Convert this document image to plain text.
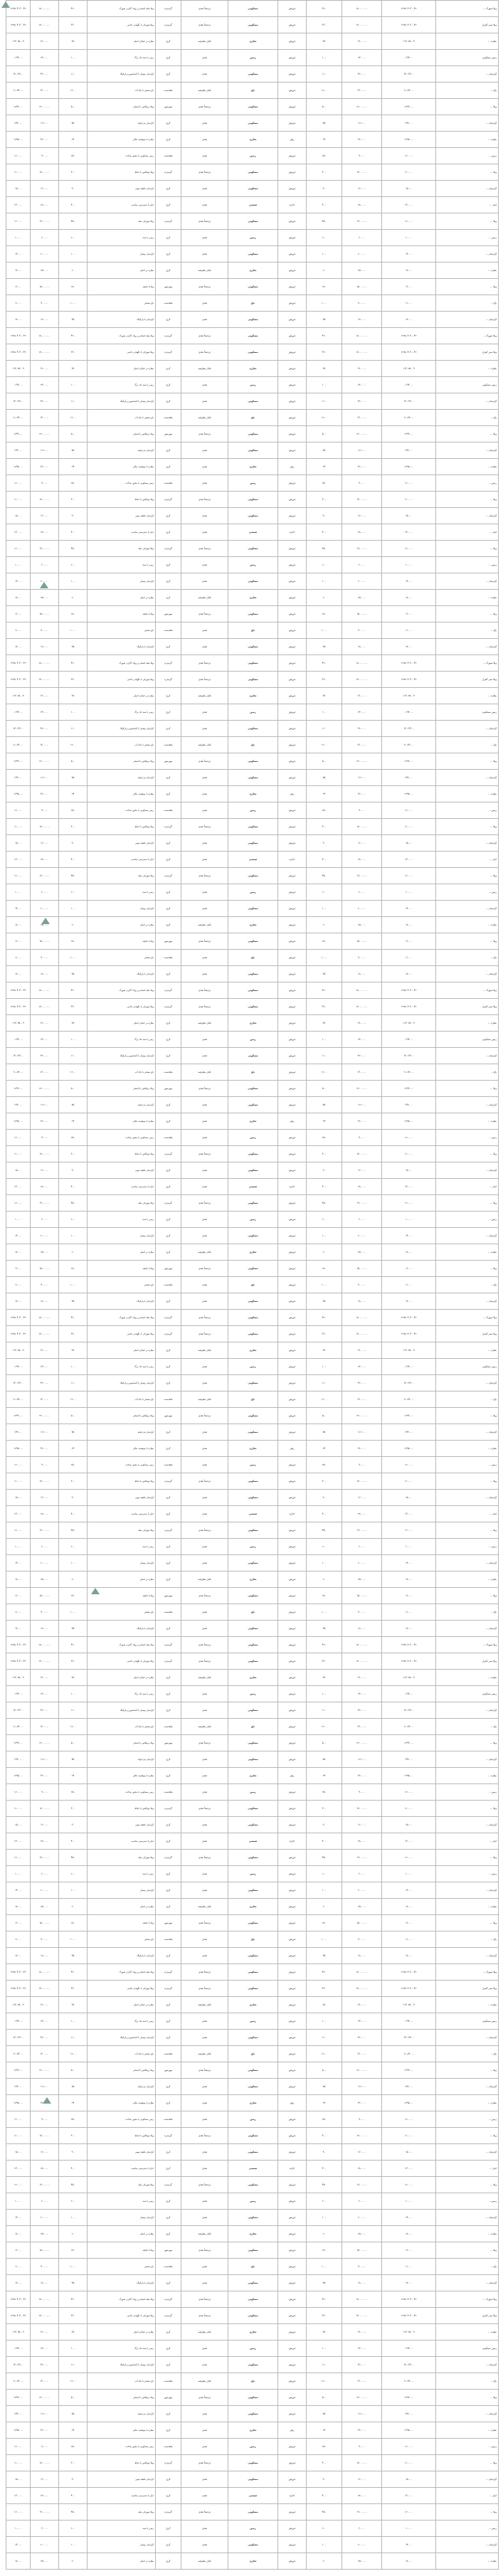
ویلا شهرک ...	۱۲۷۸۰۴۰۳۰۰۴۲	۱۸۰۰۰۰۰۰۰	۴۲۰	فروش	مسکونی	ترجیحاً نقدی	گرمدره	ویلا مبله استخر و روف گاردن شهرک	۴۲۰	۱۸۰۰۰۰۰۰۰	۱۲۷۸۰۴۰۳۰۰۴۲
ویلا سبز کنترل	۱۲۷۸۰۴۰۳۰۰۴۲	۱۷۰۰۰۰۰۰۰	۳۶۰	فروش	مسکونی	ترجیحاً نقدی	گرمدره	ویلا شهرکی با نگهبانی دائمی	۳۶۰	۱۷۰۰۰۰۰۰۰	۱۲۷۸۰۴۰۳۰۰۴۲
مغازه ...	۱۱۳۰۲۵۰۰۹	۱۹۰۰۰۰۰	۳۸	فروش	تجاری	قابل معاوضه	کرج	مغازه بر خیابان اصلی	۳۸	۱۹۰۰۰۰۰	۱۱۳۰۲۵۰۰۹
زمین مسکونی	۰۱۹۴۰۰۰	۲۳۰۰۰۰	۱۰۰	فروش	زمین	نقدی	کرج	زمین با سند تک برگ	۱۰۰	۲۳۰۰۰۰	۰۱۹۴۰۰۰
آپارتمان ...	۱۳۰۱۳۶۰۰	۴۲۰۰۰۰	۱۱۰	فروش	مسکونی	نقدی	کرج	آپارتمان نوساز با آسانسور و پارکینگ	۱۱۰	۴۲۰۰۰۰	۱۳۰۱۳۶۰۰
باغ ...	۱۱۰۸۴۰۰۰	۱۳۰۰۰۰۰	۱۲۰۰	فروش	باغ	قابل معاوضه	ماهدشت	باغ مشجر با چاه آب	۱۲۰۰	۱۳۰۰۰۰۰	۱۱۰۸۴۰۰۰
ویلا ...	۱۲۹۹۰۰۰	۲۲۰۰۰۰۰۰	۵۰۰	فروش	مسکونی	ترجیحاً نقدی	مهرشهر	ویلا تریبلکس با استخر	۵۰۰	۲۲۰۰۰۰۰۰	۱۲۹۹۰۰۰
آپارتمان ...	۱۳۷۰۰۰	۱۱۲۰۰۰	۷۵	فروش	مسکونی	نقدی	کرج	آپارتمان دو خوابه	۷۵	۱۱۲۰۰۰	۱۳۷۰۰۰
مغازه ...	۱۲۹۵۰۰۰	۳۲۰۰۰۰	۲۴	رهن	تجاری	نقدی	کرج	مغازه با موقعیت عالی	۲۴	۳۲۰۰۰۰	۱۲۹۵۰۰۰
زمین ...	۱۲۰۰۰۰	۹۰۰۰۰	۲۵۰	فروش	زمین	نقدی	ماهدشت	زمین مسکونی با مجوز ساخت	۲۵۰	۹۰۰۰۰	۱۲۰۰۰۰
ویلا ...	۱۱۰۰۰۰	۱۷۰۰۰۰۰۰	۳۰۰	فروش	مسکونی	ترجیحاً نقدی	گرمدره	ویلا دوبلکس با حیاط	۳۰۰	۱۷۰۰۰۰۰۰	۱۱۰۰۰۰
آپارتمان ...	۱۵۰۰۰	۱۶۰۰۰۰	۹۰	فروش	مسکونی	نقدی	کرج	آپارتمان طبقه سوم	۹۰	۱۶۰۰۰۰	۱۵۰۰۰
انبار ...	۱۳۰۰۰۰	۲۸۰۰۰۰	۴۰۰	اجاره	صنعتی	نقدی	کرج	انبار با دسترسی مناسب	۴۰۰	۲۸۰۰۰۰	۱۳۰۰۰۰
ویلا ...	۱۲۰۰۰۰	۱۹۰۰۰۰۰۰	۴۵۰	فروش	مسکونی	ترجیحاً نقدی	گرمدره	ویلا شهرکی مبله	۴۵۰	۱۹۰۰۰۰۰۰	۱۲۰۰۰۰
زمین ...	۱۰۰۰۰	۶۰۰۰۰	۲۰۰	فروش	زمین	نقدی	کرج	زمین با سند	۲۰۰	۶۰۰۰۰	۱۰۰۰۰
آپارتمان ...	۱۴۰۰۰	۲۰۰۰۰۰	۱۰۰	فروش	مسکونی	نقدی	کرج	آپارتمان نوساز	۱۰۰	۲۰۰۰۰۰	۱۴۰۰۰
مغازه ...	۱۸۰۰۰	۲۵۰۰۰۰	۲۰	فروش	تجاری	قابل معاوضه	کرج	مغازه بر اصلی	۲۰	۲۵۰۰۰۰	۱۸۰۰۰
ویلا ...	۱۶۰۰۰	۱۵۰۰۰۰۰۰	۲۸۰	فروش	مسکونی	ترجیحاً نقدی	مهرشهر	ویلا با باغچه	۲۸۰	۱۵۰۰۰۰۰۰	۱۶۰۰۰
باغ ...	۱۱۰۰۰	۹۰۰۰۰۰	۱۰۰۰	فروش	باغ	نقدی	ماهدشت	باغ مشجر	۱۰۰۰	۹۰۰۰۰۰	۱۱۰۰۰
آپارتمان ...	۱۷۰۰۰	۱۸۰۰۰۰	۹۵	فروش	مسکونی	نقدی	کرج	آپارتمان با پارکینگ	۹۵	۱۸۰۰۰۰	۱۷۰۰۰
ویلا شهرک ...	۱۲۷۸۰۴۰۳۰۰۴۲	۱۸۰۰۰۰۰۰۰	۴۲۰	فروش	مسکونی	ترجیحاً نقدی	گرمدره	ویلا مبله استخر و روف گاردن شهرک	۴۲۰	۱۸۰۰۰۰۰۰۰	۱۲۷۸۰۴۰۳۰۰۴۲
ویلا سبز کنترل	۱۲۷۸۰۴۰۳۰۰۴۲	۱۷۰۰۰۰۰۰۰	۳۶۰	فروش	مسکونی	ترجیحاً نقدی	گرمدره	ویلا شهرکی با نگهبانی دائمی	۳۶۰	۱۷۰۰۰۰۰۰۰	۱۲۷۸۰۴۰۳۰۰۴۲
مغازه ...	۱۱۳۰۲۵۰۰۹	۱۹۰۰۰۰۰	۳۸	فروش	تجاری	قابل معاوضه	کرج	مغازه بر خیابان اصلی	۳۸	۱۹۰۰۰۰۰	۱۱۳۰۲۵۰۰۹
زمین مسکونی	۰۱۹۴۰۰۰	۲۳۰۰۰۰	۱۰۰	فروش	زمین	نقدی	کرج	زمین با سند تک برگ	۱۰۰	۲۳۰۰۰۰	۰۱۹۴۰۰۰
آپارتمان ...	۱۳۰۱۳۶۰۰	۴۲۰۰۰۰	۱۱۰	فروش	مسکونی	نقدی	کرج	آپارتمان نوساز با آسانسور و پارکینگ	۱۱۰	۴۲۰۰۰۰	۱۳۰۱۳۶۰۰
باغ ...	۱۱۰۸۴۰۰۰	۱۳۰۰۰۰۰	۱۲۰۰	فروش	باغ	قابل معاوضه	ماهدشت	باغ مشجر با چاه آب	۱۲۰۰	۱۳۰۰۰۰۰	۱۱۰۸۴۰۰۰
ویلا ...	۱۲۹۹۰۰۰	۲۲۰۰۰۰۰۰	۵۰۰	فروش	مسکونی	ترجیحاً نقدی	مهرشهر	ویلا تریبلکس با استخر	۵۰۰	۲۲۰۰۰۰۰۰	۱۲۹۹۰۰۰
آپارتمان ...	۱۳۷۰۰۰	۱۱۲۰۰۰	۷۵	فروش	مسکونی	نقدی	کرج	آپارتمان دو خوابه	۷۵	۱۱۲۰۰۰	۱۳۷۰۰۰
مغازه ...	۱۲۹۵۰۰۰	۳۲۰۰۰۰	۲۴	رهن	تجاری	نقدی	کرج	مغازه با موقعیت عالی	۲۴	۳۲۰۰۰۰	۱۲۹۵۰۰۰
زمین ...	۱۲۰۰۰۰	۹۰۰۰۰	۲۵۰	فروش	زمین	نقدی	ماهدشت	زمین مسکونی با مجوز ساخت	۲۵۰	۹۰۰۰۰	۱۲۰۰۰۰
ویلا ...	۱۱۰۰۰۰	۱۷۰۰۰۰۰۰	۳۰۰	فروش	مسکونی	ترجیحاً نقدی	گرمدره	ویلا دوبلکس با حیاط	۳۰۰	۱۷۰۰۰۰۰۰	۱۱۰۰۰۰
آپارتمان ...	۱۵۰۰۰	۱۶۰۰۰۰	۹۰	فروش	مسکونی	نقدی	کرج	آپارتمان طبقه سوم	۹۰	۱۶۰۰۰۰	۱۵۰۰۰
انبار ...	۱۳۰۰۰۰	۲۸۰۰۰۰	۴۰۰	اجاره	صنعتی	نقدی	کرج	انبار با دسترسی مناسب	۴۰۰	۲۸۰۰۰۰	۱۳۰۰۰۰
ویلا ...	۱۲۰۰۰۰	۱۹۰۰۰۰۰۰	۴۵۰	فروش	مسکونی	ترجیحاً نقدی	گرمدره	ویلا شهرکی مبله	۴۵۰	۱۹۰۰۰۰۰۰	۱۲۰۰۰۰
زمین ...	۱۰۰۰۰	۶۰۰۰۰	۲۰۰	فروش	زمین	نقدی	کرج	زمین با سند	۲۰۰	۶۰۰۰۰	۱۰۰۰۰
آپارتمان ...	۱۴۰۰۰	۲۰۰۰۰۰	۱۰۰	فروش	مسکونی	نقدی	کرج	آپارتمان نوساز	۱۰۰	۲۰۰۰۰۰	۱۴۰۰۰
مغازه ...	۱۸۰۰۰	۲۵۰۰۰۰	۲۰	فروش	تجاری	قابل معاوضه	کرج	مغازه بر اصلی	۲۰	۲۵۰۰۰۰	۱۸۰۰۰
ویلا ...	۱۶۰۰۰	۱۵۰۰۰۰۰۰	۲۸۰	فروش	مسکونی	ترجیحاً نقدی	مهرشهر	ویلا با باغچه	۲۸۰	۱۵۰۰۰۰۰۰	۱۶۰۰۰
باغ ...	۱۱۰۰۰	۹۰۰۰۰۰	۱۰۰۰	فروش	باغ	نقدی	ماهدشت	باغ مشجر	۱۰۰۰	۹۰۰۰۰۰	۱۱۰۰۰
آپارتمان ...	۱۷۰۰۰	۱۸۰۰۰۰	۹۵	فروش	مسکونی	نقدی	کرج	آپارتمان با پارکینگ	۹۵	۱۸۰۰۰۰	۱۷۰۰۰
ویلا شهرک ...	۱۲۷۸۰۴۰۳۰۰۴۲	۱۸۰۰۰۰۰۰۰	۴۲۰	فروش	مسکونی	ترجیحاً نقدی	گرمدره	ویلا مبله استخر و روف گاردن شهرک	۴۲۰	۱۸۰۰۰۰۰۰۰	۱۲۷۸۰۴۰۳۰۰۴۲
ویلا سبز کنترل	۱۲۷۸۰۴۰۳۰۰۴۲	۱۷۰۰۰۰۰۰۰	۳۶۰	فروش	مسکونی	ترجیحاً نقدی	گرمدره	ویلا شهرکی با نگهبانی دائمی	۳۶۰	۱۷۰۰۰۰۰۰۰	۱۲۷۸۰۴۰۳۰۰۴۲
مغازه ...	۱۱۳۰۲۵۰۰۹	۱۹۰۰۰۰۰	۳۸	فروش	تجاری	قابل معاوضه	کرج	مغازه بر خیابان اصلی	۳۸	۱۹۰۰۰۰۰	۱۱۳۰۲۵۰۰۹
زمین مسکونی	۰۱۹۴۰۰۰	۲۳۰۰۰۰	۱۰۰	فروش	زمین	نقدی	کرج	زمین با سند تک برگ	۱۰۰	۲۳۰۰۰۰	۰۱۹۴۰۰۰
آپارتمان ...	۱۳۰۱۳۶۰۰	۴۲۰۰۰۰	۱۱۰	فروش	مسکونی	نقدی	کرج	آپارتمان نوساز با آسانسور و پارکینگ	۱۱۰	۴۲۰۰۰۰	۱۳۰۱۳۶۰۰
باغ ...	۱۱۰۸۴۰۰۰	۱۳۰۰۰۰۰	۱۲۰۰	فروش	باغ	قابل معاوضه	ماهدشت	باغ مشجر با چاه آب	۱۲۰۰	۱۳۰۰۰۰۰	۱۱۰۸۴۰۰۰
ویلا ...	۱۲۹۹۰۰۰	۲۲۰۰۰۰۰۰	۵۰۰	فروش	مسکونی	ترجیحاً نقدی	مهرشهر	ویلا تریبلکس با استخر	۵۰۰	۲۲۰۰۰۰۰۰	۱۲۹۹۰۰۰
آپارتمان ...	۱۳۷۰۰۰	۱۱۲۰۰۰	۷۵	فروش	مسکونی	نقدی	کرج	آپارتمان دو خوابه	۷۵	۱۱۲۰۰۰	۱۳۷۰۰۰
مغازه ...	۱۲۹۵۰۰۰	۳۲۰۰۰۰	۲۴	رهن	تجاری	نقدی	کرج	مغازه با موقعیت عالی	۲۴	۳۲۰۰۰۰	۱۲۹۵۰۰۰
زمین ...	۱۲۰۰۰۰	۹۰۰۰۰	۲۵۰	فروش	زمین	نقدی	ماهدشت	زمین مسکونی با مجوز ساخت	۲۵۰	۹۰۰۰۰	۱۲۰۰۰۰
ویلا ...	۱۱۰۰۰۰	۱۷۰۰۰۰۰۰	۳۰۰	فروش	مسکونی	ترجیحاً نقدی	گرمدره	ویلا دوبلکس با حیاط	۳۰۰	۱۷۰۰۰۰۰۰	۱۱۰۰۰۰
آپارتمان ...	۱۵۰۰۰	۱۶۰۰۰۰	۹۰	فروش	مسکونی	نقدی	کرج	آپارتمان طبقه سوم	۹۰	۱۶۰۰۰۰	۱۵۰۰۰
انبار ...	۱۳۰۰۰۰	۲۸۰۰۰۰	۴۰۰	اجاره	صنعتی	نقدی	کرج	انبار با دسترسی مناسب	۴۰۰	۲۸۰۰۰۰	۱۳۰۰۰۰
ویلا ...	۱۲۰۰۰۰	۱۹۰۰۰۰۰۰	۴۵۰	فروش	مسکونی	ترجیحاً نقدی	گرمدره	ویلا شهرکی مبله	۴۵۰	۱۹۰۰۰۰۰۰	۱۲۰۰۰۰
زمین ...	۱۰۰۰۰	۶۰۰۰۰	۲۰۰	فروش	زمین	نقدی	کرج	زمین با سند	۲۰۰	۶۰۰۰۰	۱۰۰۰۰
آپارتمان ...	۱۴۰۰۰	۲۰۰۰۰۰	۱۰۰	فروش	مسکونی	نقدی	کرج	آپارتمان نوساز	۱۰۰	۲۰۰۰۰۰	۱۴۰۰۰
مغازه ...	۱۸۰۰۰	۲۵۰۰۰۰	۲۰	فروش	تجاری	قابل معاوضه	کرج	مغازه بر اصلی	۲۰	۲۵۰۰۰۰	۱۸۰۰۰
ویلا ...	۱۶۰۰۰	۱۵۰۰۰۰۰۰	۲۸۰	فروش	مسکونی	ترجیحاً نقدی	مهرشهر	ویلا با باغچه	۲۸۰	۱۵۰۰۰۰۰۰	۱۶۰۰۰
باغ ...	۱۱۰۰۰	۹۰۰۰۰۰	۱۰۰۰	فروش	باغ	نقدی	ماهدشت	باغ مشجر	۱۰۰۰	۹۰۰۰۰۰	۱۱۰۰۰
آپارتمان ...	۱۷۰۰۰	۱۸۰۰۰۰	۹۵	فروش	مسکونی	نقدی	کرج	آپارتمان با پارکینگ	۹۵	۱۸۰۰۰۰	۱۷۰۰۰
ویلا شهرک ...	۱۲۷۸۰۴۰۳۰۰۴۲	۱۸۰۰۰۰۰۰۰	۴۲۰	فروش	مسکونی	ترجیحاً نقدی	گرمدره	ویلا مبله استخر و روف گاردن شهرک	۴۲۰	۱۸۰۰۰۰۰۰۰	۱۲۷۸۰۴۰۳۰۰۴۲
ویلا سبز کنترل	۱۲۷۸۰۴۰۳۰۰۴۲	۱۷۰۰۰۰۰۰۰	۳۶۰	فروش	مسکونی	ترجیحاً نقدی	گرمدره	ویلا شهرکی با نگهبانی دائمی	۳۶۰	۱۷۰۰۰۰۰۰۰	۱۲۷۸۰۴۰۳۰۰۴۲
مغازه ...	۱۱۳۰۲۵۰۰۹	۱۹۰۰۰۰۰	۳۸	فروش	تجاری	قابل معاوضه	کرج	مغازه بر خیابان اصلی	۳۸	۱۹۰۰۰۰۰	۱۱۳۰۲۵۰۰۹
زمین مسکونی	۰۱۹۴۰۰۰	۲۳۰۰۰۰	۱۰۰	فروش	زمین	نقدی	کرج	زمین با سند تک برگ	۱۰۰	۲۳۰۰۰۰	۰۱۹۴۰۰۰
آپارتمان ...	۱۳۰۱۳۶۰۰	۴۲۰۰۰۰	۱۱۰	فروش	مسکونی	نقدی	کرج	آپارتمان نوساز با آسانسور و پارکینگ	۱۱۰	۴۲۰۰۰۰	۱۳۰۱۳۶۰۰
باغ ...	۱۱۰۸۴۰۰۰	۱۳۰۰۰۰۰	۱۲۰۰	فروش	باغ	قابل معاوضه	ماهدشت	باغ مشجر با چاه آب	۱۲۰۰	۱۳۰۰۰۰۰	۱۱۰۸۴۰۰۰
ویلا ...	۱۲۹۹۰۰۰	۲۲۰۰۰۰۰۰	۵۰۰	فروش	مسکونی	ترجیحاً نقدی	مهرشهر	ویلا تریبلکس با استخر	۵۰۰	۲۲۰۰۰۰۰۰	۱۲۹۹۰۰۰
آپارتمان ...	۱۳۷۰۰۰	۱۱۲۰۰۰	۷۵	فروش	مسکونی	نقدی	کرج	آپارتمان دو خوابه	۷۵	۱۱۲۰۰۰	۱۳۷۰۰۰
مغازه ...	۱۲۹۵۰۰۰	۳۲۰۰۰۰	۲۴	رهن	تجاری	نقدی	کرج	مغازه با موقعیت عالی	۲۴	۳۲۰۰۰۰	۱۲۹۵۰۰۰
زمین ...	۱۲۰۰۰۰	۹۰۰۰۰	۲۵۰	فروش	زمین	نقدی	ماهدشت	زمین مسکونی با مجوز ساخت	۲۵۰	۹۰۰۰۰	۱۲۰۰۰۰
ویلا ...	۱۱۰۰۰۰	۱۷۰۰۰۰۰۰	۳۰۰	فروش	مسکونی	ترجیحاً نقدی	گرمدره	ویلا دوبلکس با حیاط	۳۰۰	۱۷۰۰۰۰۰۰	۱۱۰۰۰۰
آپارتمان ...	۱۵۰۰۰	۱۶۰۰۰۰	۹۰	فروش	مسکونی	نقدی	کرج	آپارتمان طبقه سوم	۹۰	۱۶۰۰۰۰	۱۵۰۰۰
انبار ...	۱۳۰۰۰۰	۲۸۰۰۰۰	۴۰۰	اجاره	صنعتی	نقدی	کرج	انبار با دسترسی مناسب	۴۰۰	۲۸۰۰۰۰	۱۳۰۰۰۰
ویلا ...	۱۲۰۰۰۰	۱۹۰۰۰۰۰۰	۴۵۰	فروش	مسکونی	ترجیحاً نقدی	گرمدره	ویلا شهرکی مبله	۴۵۰	۱۹۰۰۰۰۰۰	۱۲۰۰۰۰
زمین ...	۱۰۰۰۰	۶۰۰۰۰	۲۰۰	فروش	زمین	نقدی	کرج	زمین با سند	۲۰۰	۶۰۰۰۰	۱۰۰۰۰
آپارتمان ...	۱۴۰۰۰	۲۰۰۰۰۰	۱۰۰	فروش	مسکونی	نقدی	کرج	آپارتمان نوساز	۱۰۰	۲۰۰۰۰۰	۱۴۰۰۰
مغازه ...	۱۸۰۰۰	۲۵۰۰۰۰	۲۰	فروش	تجاری	قابل معاوضه	کرج	مغازه بر اصلی	۲۰	۲۵۰۰۰۰	۱۸۰۰۰
ویلا ...	۱۶۰۰۰	۱۵۰۰۰۰۰۰	۲۸۰	فروش	مسکونی	ترجیحاً نقدی	مهرشهر	ویلا با باغچه	۲۸۰	۱۵۰۰۰۰۰۰	۱۶۰۰۰
باغ ...	۱۱۰۰۰	۹۰۰۰۰۰	۱۰۰۰	فروش	باغ	نقدی	ماهدشت	باغ مشجر	۱۰۰۰	۹۰۰۰۰۰	۱۱۰۰۰
آپارتمان ...	۱۷۰۰۰	۱۸۰۰۰۰	۹۵	فروش	مسکونی	نقدی	کرج	آپارتمان با پارکینگ	۹۵	۱۸۰۰۰۰	۱۷۰۰۰
ویلا شهرک ...	۱۲۷۸۰۴۰۳۰۰۴۲	۱۸۰۰۰۰۰۰۰	۴۲۰	فروش	مسکونی	ترجیحاً نقدی	گرمدره	ویلا مبله استخر و روف گاردن شهرک	۴۲۰	۱۸۰۰۰۰۰۰۰	۱۲۷۸۰۴۰۳۰۰۴۲
ویلا سبز کنترل	۱۲۷۸۰۴۰۳۰۰۴۲	۱۷۰۰۰۰۰۰۰	۳۶۰	فروش	مسکونی	ترجیحاً نقدی	گرمدره	ویلا شهرکی با نگهبانی دائمی	۳۶۰	۱۷۰۰۰۰۰۰۰	۱۲۷۸۰۴۰۳۰۰۴۲
مغازه ...	۱۱۳۰۲۵۰۰۹	۱۹۰۰۰۰۰	۳۸	فروش	تجاری	قابل معاوضه	کرج	مغازه بر خیابان اصلی	۳۸	۱۹۰۰۰۰۰	۱۱۳۰۲۵۰۰۹
زمین مسکونی	۰۱۹۴۰۰۰	۲۳۰۰۰۰	۱۰۰	فروش	زمین	نقدی	کرج	زمین با سند تک برگ	۱۰۰	۲۳۰۰۰۰	۰۱۹۴۰۰۰
آپارتمان ...	۱۳۰۱۳۶۰۰	۴۲۰۰۰۰	۱۱۰	فروش	مسکونی	نقدی	کرج	آپارتمان نوساز با آسانسور و پارکینگ	۱۱۰	۴۲۰۰۰۰	۱۳۰۱۳۶۰۰
باغ ...	۱۱۰۸۴۰۰۰	۱۳۰۰۰۰۰	۱۲۰۰	فروش	باغ	قابل معاوضه	ماهدشت	باغ مشجر با چاه آب	۱۲۰۰	۱۳۰۰۰۰۰	۱۱۰۸۴۰۰۰
ویلا ...	۱۲۹۹۰۰۰	۲۲۰۰۰۰۰۰	۵۰۰	فروش	مسکونی	ترجیحاً نقدی	مهرشهر	ویلا تریبلکس با استخر	۵۰۰	۲۲۰۰۰۰۰۰	۱۲۹۹۰۰۰
آپارتمان ...	۱۳۷۰۰۰	۱۱۲۰۰۰	۷۵	فروش	مسکونی	نقدی	کرج	آپارتمان دو خوابه	۷۵	۱۱۲۰۰۰	۱۳۷۰۰۰
مغازه ...	۱۲۹۵۰۰۰	۳۲۰۰۰۰	۲۴	رهن	تجاری	نقدی	کرج	مغازه با موقعیت عالی	۲۴	۳۲۰۰۰۰	۱۲۹۵۰۰۰
زمین ...	۱۲۰۰۰۰	۹۰۰۰۰	۲۵۰	فروش	زمین	نقدی	ماهدشت	زمین مسکونی با مجوز ساخت	۲۵۰	۹۰۰۰۰	۱۲۰۰۰۰
ویلا ...	۱۱۰۰۰۰	۱۷۰۰۰۰۰۰	۳۰۰	فروش	مسکونی	ترجیحاً نقدی	گرمدره	ویلا دوبلکس با حیاط	۳۰۰	۱۷۰۰۰۰۰۰	۱۱۰۰۰۰
آپارتمان ...	۱۵۰۰۰	۱۶۰۰۰۰	۹۰	فروش	مسکونی	نقدی	کرج	آپارتمان طبقه سوم	۹۰	۱۶۰۰۰۰	۱۵۰۰۰
انبار ...	۱۳۰۰۰۰	۲۸۰۰۰۰	۴۰۰	اجاره	صنعتی	نقدی	کرج	انبار با دسترسی مناسب	۴۰۰	۲۸۰۰۰۰	۱۳۰۰۰۰
ویلا ...	۱۲۰۰۰۰	۱۹۰۰۰۰۰۰	۴۵۰	فروش	مسکونی	ترجیحاً نقدی	گرمدره	ویلا شهرکی مبله	۴۵۰	۱۹۰۰۰۰۰۰	۱۲۰۰۰۰
زمین ...	۱۰۰۰۰	۶۰۰۰۰	۲۰۰	فروش	زمین	نقدی	کرج	زمین با سند	۲۰۰	۶۰۰۰۰	۱۰۰۰۰
آپارتمان ...	۱۴۰۰۰	۲۰۰۰۰۰	۱۰۰	فروش	مسکونی	نقدی	کرج	آپارتمان نوساز	۱۰۰	۲۰۰۰۰۰	۱۴۰۰۰
مغازه ...	۱۸۰۰۰	۲۵۰۰۰۰	۲۰	فروش	تجاری	قابل معاوضه	کرج	مغازه بر اصلی	۲۰	۲۵۰۰۰۰	۱۸۰۰۰
ویلا ...	۱۶۰۰۰	۱۵۰۰۰۰۰۰	۲۸۰	فروش	مسکونی	ترجیحاً نقدی	مهرشهر	ویلا با باغچه	۲۸۰	۱۵۰۰۰۰۰۰	۱۶۰۰۰
باغ ...	۱۱۰۰۰	۹۰۰۰۰۰	۱۰۰۰	فروش	باغ	نقدی	ماهدشت	باغ مشجر	۱۰۰۰	۹۰۰۰۰۰	۱۱۰۰۰
آپارتمان ...	۱۷۰۰۰	۱۸۰۰۰۰	۹۵	فروش	مسکونی	نقدی	کرج	آپارتمان با پارکینگ	۹۵	۱۸۰۰۰۰	۱۷۰۰۰
ویلا شهرک ...	۱۲۷۸۰۴۰۳۰۰۴۲	۱۸۰۰۰۰۰۰۰	۴۲۰	فروش	مسکونی	ترجیحاً نقدی	گرمدره	ویلا مبله استخر و روف گاردن شهرک	۴۲۰	۱۸۰۰۰۰۰۰۰	۱۲۷۸۰۴۰۳۰۰۴۲
ویلا سبز کنترل	۱۲۷۸۰۴۰۳۰۰۴۲	۱۷۰۰۰۰۰۰۰	۳۶۰	فروش	مسکونی	ترجیحاً نقدی	گرمدره	ویلا شهرکی با نگهبانی دائمی	۳۶۰	۱۷۰۰۰۰۰۰۰	۱۲۷۸۰۴۰۳۰۰۴۲
مغازه ...	۱۱۳۰۲۵۰۰۹	۱۹۰۰۰۰۰	۳۸	فروش	تجاری	قابل معاوضه	کرج	مغازه بر خیابان اصلی	۳۸	۱۹۰۰۰۰۰	۱۱۳۰۲۵۰۰۹
زمین مسکونی	۰۱۹۴۰۰۰	۲۳۰۰۰۰	۱۰۰	فروش	زمین	نقدی	کرج	زمین با سند تک برگ	۱۰۰	۲۳۰۰۰۰	۰۱۹۴۰۰۰
آپارتمان ...	۱۳۰۱۳۶۰۰	۴۲۰۰۰۰	۱۱۰	فروش	مسکونی	نقدی	کرج	آپارتمان نوساز با آسانسور و پارکینگ	۱۱۰	۴۲۰۰۰۰	۱۳۰۱۳۶۰۰
باغ ...	۱۱۰۸۴۰۰۰	۱۳۰۰۰۰۰	۱۲۰۰	فروش	باغ	قابل معاوضه	ماهدشت	باغ مشجر با چاه آب	۱۲۰۰	۱۳۰۰۰۰۰	۱۱۰۸۴۰۰۰
ویلا ...	۱۲۹۹۰۰۰	۲۲۰۰۰۰۰۰	۵۰۰	فروش	مسکونی	ترجیحاً نقدی	مهرشهر	ویلا تریبلکس با استخر	۵۰۰	۲۲۰۰۰۰۰۰	۱۲۹۹۰۰۰
آپارتمان ...	۱۳۷۰۰۰	۱۱۲۰۰۰	۷۵	فروش	مسکونی	نقدی	کرج	آپارتمان دو خوابه	۷۵	۱۱۲۰۰۰	۱۳۷۰۰۰
مغازه ...	۱۲۹۵۰۰۰	۳۲۰۰۰۰	۲۴	رهن	تجاری	نقدی	کرج	مغازه با موقعیت عالی	۲۴	۳۲۰۰۰۰	۱۲۹۵۰۰۰
زمین ...	۱۲۰۰۰۰	۹۰۰۰۰	۲۵۰	فروش	زمین	نقدی	ماهدشت	زمین مسکونی با مجوز ساخت	۲۵۰	۹۰۰۰۰	۱۲۰۰۰۰
ویلا ...	۱۱۰۰۰۰	۱۷۰۰۰۰۰۰	۳۰۰	فروش	مسکونی	ترجیحاً نقدی	گرمدره	ویلا دوبلکس با حیاط	۳۰۰	۱۷۰۰۰۰۰۰	۱۱۰۰۰۰
آپارتمان ...	۱۵۰۰۰	۱۶۰۰۰۰	۹۰	فروش	مسکونی	نقدی	کرج	آپارتمان طبقه سوم	۹۰	۱۶۰۰۰۰	۱۵۰۰۰
انبار ...	۱۳۰۰۰۰	۲۸۰۰۰۰	۴۰۰	اجاره	صنعتی	نقدی	کرج	انبار با دسترسی مناسب	۴۰۰	۲۸۰۰۰۰	۱۳۰۰۰۰
ویلا ...	۱۲۰۰۰۰	۱۹۰۰۰۰۰۰	۴۵۰	فروش	مسکونی	ترجیحاً نقدی	گرمدره	ویلا شهرکی مبله	۴۵۰	۱۹۰۰۰۰۰۰	۱۲۰۰۰۰
زمین ...	۱۰۰۰۰	۶۰۰۰۰	۲۰۰	فروش	زمین	نقدی	کرج	زمین با سند	۲۰۰	۶۰۰۰۰	۱۰۰۰۰
آپارتمان ...	۱۴۰۰۰	۲۰۰۰۰۰	۱۰۰	فروش	مسکونی	نقدی	کرج	آپارتمان نوساز	۱۰۰	۲۰۰۰۰۰	۱۴۰۰۰
مغازه ...	۱۸۰۰۰	۲۵۰۰۰۰	۲۰	فروش	تجاری	قابل معاوضه	کرج	مغازه بر اصلی	۲۰	۲۵۰۰۰۰	۱۸۰۰۰
ویلا ...	۱۶۰۰۰	۱۵۰۰۰۰۰۰	۲۸۰	فروش	مسکونی	ترجیحاً نقدی	مهرشهر	ویلا با باغچه	۲۸۰	۱۵۰۰۰۰۰۰	۱۶۰۰۰
باغ ...	۱۱۰۰۰	۹۰۰۰۰۰	۱۰۰۰	فروش	باغ	نقدی	ماهدشت	باغ مشجر	۱۰۰۰	۹۰۰۰۰۰	۱۱۰۰۰
آپارتمان ...	۱۷۰۰۰	۱۸۰۰۰۰	۹۵	فروش	مسکونی	نقدی	کرج	آپارتمان با پارکینگ	۹۵	۱۸۰۰۰۰	۱۷۰۰۰
ویلا شهرک ...	۱۲۷۸۰۴۰۳۰۰۴۲	۱۸۰۰۰۰۰۰۰	۴۲۰	فروش	مسکونی	ترجیحاً نقدی	گرمدره	ویلا مبله استخر و روف گاردن شهرک	۴۲۰	۱۸۰۰۰۰۰۰۰	۱۲۷۸۰۴۰۳۰۰۴۲
ویلا سبز کنترل	۱۲۷۸۰۴۰۳۰۰۴۲	۱۷۰۰۰۰۰۰۰	۳۶۰	فروش	مسکونی	ترجیحاً نقدی	گرمدره	ویلا شهرکی با نگهبانی دائمی	۳۶۰	۱۷۰۰۰۰۰۰۰	۱۲۷۸۰۴۰۳۰۰۴۲
مغازه ...	۱۱۳۰۲۵۰۰۹	۱۹۰۰۰۰۰	۳۸	فروش	تجاری	قابل معاوضه	کرج	مغازه بر خیابان اصلی	۳۸	۱۹۰۰۰۰۰	۱۱۳۰۲۵۰۰۹
زمین مسکونی	۰۱۹۴۰۰۰	۲۳۰۰۰۰	۱۰۰	فروش	زمین	نقدی	کرج	زمین با سند تک برگ	۱۰۰	۲۳۰۰۰۰	۰۱۹۴۰۰۰
آپارتمان ...	۱۳۰۱۳۶۰۰	۴۲۰۰۰۰	۱۱۰	فروش	مسکونی	نقدی	کرج	آپارتمان نوساز با آسانسور و پارکینگ	۱۱۰	۴۲۰۰۰۰	۱۳۰۱۳۶۰۰
باغ ...	۱۱۰۸۴۰۰۰	۱۳۰۰۰۰۰	۱۲۰۰	فروش	باغ	قابل معاوضه	ماهدشت	باغ مشجر با چاه آب	۱۲۰۰	۱۳۰۰۰۰۰	۱۱۰۸۴۰۰۰
ویلا ...	۱۲۹۹۰۰۰	۲۲۰۰۰۰۰۰	۵۰۰	فروش	مسکونی	ترجیحاً نقدی	مهرشهر	ویلا تریبلکس با استخر	۵۰۰	۲۲۰۰۰۰۰۰	۱۲۹۹۰۰۰
آپارتمان ...	۱۳۷۰۰۰	۱۱۲۰۰۰	۷۵	فروش	مسکونی	نقدی	کرج	آپارتمان دو خوابه	۷۵	۱۱۲۰۰۰	۱۳۷۰۰۰
مغازه ...	۱۲۹۵۰۰۰	۳۲۰۰۰۰	۲۴	رهن	تجاری	نقدی	کرج	مغازه با موقعیت عالی	۲۴	۳۲۰۰۰۰	۱۲۹۵۰۰۰
زمین ...	۱۲۰۰۰۰	۹۰۰۰۰	۲۵۰	فروش	زمین	نقدی	ماهدشت	زمین مسکونی با مجوز ساخت	۲۵۰	۹۰۰۰۰	۱۲۰۰۰۰
ویلا ...	۱۱۰۰۰۰	۱۷۰۰۰۰۰۰	۳۰۰	فروش	مسکونی	ترجیحاً نقدی	گرمدره	ویلا دوبلکس با حیاط	۳۰۰	۱۷۰۰۰۰۰۰	۱۱۰۰۰۰
آپارتمان ...	۱۵۰۰۰	۱۶۰۰۰۰	۹۰	فروش	مسکونی	نقدی	کرج	آپارتمان طبقه سوم	۹۰	۱۶۰۰۰۰	۱۵۰۰۰
انبار ...	۱۳۰۰۰۰	۲۸۰۰۰۰	۴۰۰	اجاره	صنعتی	نقدی	کرج	انبار با دسترسی مناسب	۴۰۰	۲۸۰۰۰۰	۱۳۰۰۰۰
ویلا ...	۱۲۰۰۰۰	۱۹۰۰۰۰۰۰	۴۵۰	فروش	مسکونی	ترجیحاً نقدی	گرمدره	ویلا شهرکی مبله	۴۵۰	۱۹۰۰۰۰۰۰	۱۲۰۰۰۰
زمین ...	۱۰۰۰۰	۶۰۰۰۰	۲۰۰	فروش	زمین	نقدی	کرج	زمین با سند	۲۰۰	۶۰۰۰۰	۱۰۰۰۰
آپارتمان ...	۱۴۰۰۰	۲۰۰۰۰۰	۱۰۰	فروش	مسکونی	نقدی	کرج	آپارتمان نوساز	۱۰۰	۲۰۰۰۰۰	۱۴۰۰۰
مغازه ...	۱۸۰۰۰	۲۵۰۰۰۰	۲۰	فروش	تجاری	قابل معاوضه	کرج	مغازه بر اصلی	۲۰	۲۵۰۰۰۰	۱۸۰۰۰
ویلا ...	۱۶۰۰۰	۱۵۰۰۰۰۰۰	۲۸۰	فروش	مسکونی	ترجیحاً نقدی	مهرشهر	ویلا با باغچه	۲۸۰	۱۵۰۰۰۰۰۰	۱۶۰۰۰
باغ ...	۱۱۰۰۰	۹۰۰۰۰۰	۱۰۰۰	فروش	باغ	نقدی	ماهدشت	باغ مشجر	۱۰۰۰	۹۰۰۰۰۰	۱۱۰۰۰
آپارتمان ...	۱۷۰۰۰	۱۸۰۰۰۰	۹۵	فروش	مسکونی	نقدی	کرج	آپارتمان با پارکینگ	۹۵	۱۸۰۰۰۰	۱۷۰۰۰
ویلا شهرک ...	۱۲۷۸۰۴۰۳۰۰۴۲	۱۸۰۰۰۰۰۰۰	۴۲۰	فروش	مسکونی	ترجیحاً نقدی	گرمدره	ویلا مبله استخر و روف گاردن شهرک	۴۲۰	۱۸۰۰۰۰۰۰۰	۱۲۷۸۰۴۰۳۰۰۴۲
ویلا سبز کنترل	۱۲۷۸۰۴۰۳۰۰۴۲	۱۷۰۰۰۰۰۰۰	۳۶۰	فروش	مسکونی	ترجیحاً نقدی	گرمدره	ویلا شهرکی با نگهبانی دائمی	۳۶۰	۱۷۰۰۰۰۰۰۰	۱۲۷۸۰۴۰۳۰۰۴۲
مغازه ...	۱۱۳۰۲۵۰۰۹	۱۹۰۰۰۰۰	۳۸	فروش	تجاری	قابل معاوضه	کرج	مغازه بر خیابان اصلی	۳۸	۱۹۰۰۰۰۰	۱۱۳۰۲۵۰۰۹
زمین مسکونی	۰۱۹۴۰۰۰	۲۳۰۰۰۰	۱۰۰	فروش	زمین	نقدی	کرج	زمین با سند تک برگ	۱۰۰	۲۳۰۰۰۰	۰۱۹۴۰۰۰
آپارتمان ...	۱۳۰۱۳۶۰۰	۴۲۰۰۰۰	۱۱۰	فروش	مسکونی	نقدی	کرج	آپارتمان نوساز با آسانسور و پارکینگ	۱۱۰	۴۲۰۰۰۰	۱۳۰۱۳۶۰۰
باغ ...	۱۱۰۸۴۰۰۰	۱۳۰۰۰۰۰	۱۲۰۰	فروش	باغ	قابل معاوضه	ماهدشت	باغ مشجر با چاه آب	۱۲۰۰	۱۳۰۰۰۰۰	۱۱۰۸۴۰۰۰
ویلا ...	۱۲۹۹۰۰۰	۲۲۰۰۰۰۰۰	۵۰۰	فروش	مسکونی	ترجیحاً نقدی	مهرشهر	ویلا تریبلکس با استخر	۵۰۰	۲۲۰۰۰۰۰۰	۱۲۹۹۰۰۰
آپارتمان ...	۱۳۷۰۰۰	۱۱۲۰۰۰	۷۵	فروش	مسکونی	نقدی	کرج	آپارتمان دو خوابه	۷۵	۱۱۲۰۰۰	۱۳۷۰۰۰
مغازه ...	۱۲۹۵۰۰۰	۳۲۰۰۰۰	۲۴	رهن	تجاری	نقدی	کرج	مغازه با موقعیت عالی	۲۴	۳۲۰۰۰۰	۱۲۹۵۰۰۰
زمین ...	۱۲۰۰۰۰	۹۰۰۰۰	۲۵۰	فروش	زمین	نقدی	ماهدشت	زمین مسکونی با مجوز ساخت	۲۵۰	۹۰۰۰۰	۱۲۰۰۰۰
ویلا ...	۱۱۰۰۰۰	۱۷۰۰۰۰۰۰	۳۰۰	فروش	مسکونی	ترجیحاً نقدی	گرمدره	ویلا دوبلکس با حیاط	۳۰۰	۱۷۰۰۰۰۰۰	۱۱۰۰۰۰
آپارتمان ...	۱۵۰۰۰	۱۶۰۰۰۰	۹۰	فروش	مسکونی	نقدی	کرج	آپارتمان طبقه سوم	۹۰	۱۶۰۰۰۰	۱۵۰۰۰
انبار ...	۱۳۰۰۰۰	۲۸۰۰۰۰	۴۰۰	اجاره	صنعتی	نقدی	کرج	انبار با دسترسی مناسب	۴۰۰	۲۸۰۰۰۰	۱۳۰۰۰۰
ویلا ...	۱۲۰۰۰۰	۱۹۰۰۰۰۰۰	۴۵۰	فروش	مسکونی	ترجیحاً نقدی	گرمدره	ویلا شهرکی مبله	۴۵۰	۱۹۰۰۰۰۰۰	۱۲۰۰۰۰
زمین ...	۱۰۰۰۰	۶۰۰۰۰	۲۰۰	فروش	زمین	نقدی	کرج	زمین با سند	۲۰۰	۶۰۰۰۰	۱۰۰۰۰
آپارتمان ...	۱۴۰۰۰	۲۰۰۰۰۰	۱۰۰	فروش	مسکونی	نقدی	کرج	آپارتمان نوساز	۱۰۰	۲۰۰۰۰۰	۱۴۰۰۰
مغازه ...	۱۸۰۰۰	۲۵۰۰۰۰	۲۰	فروش	تجاری	قابل معاوضه	کرج	مغازه بر اصلی	۲۰	۲۵۰۰۰۰	۱۸۰۰۰
